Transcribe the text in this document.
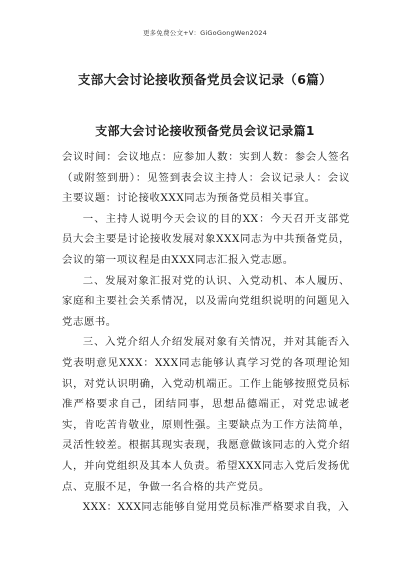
更多免费公文+V：GiGoGongWen2024
支部大会讨论接收预备党员会议记录（6篇）
支部大会讨论接收预备党员会议记录篇1

会议时间：会议地点：应参加人数：实到人数：参会人签名（或附签到册）：见签到表会议主持人：会议记录人：会议主要议题：讨论接收XXX同志为预备党员相关事宜。

一、主持人说明今天会议的目的XX：今天召开支部党员大会主要是讨论接收发展对象XXX同志为中共预备党员，会议的第一项议程是由XXX同志汇报入党志愿。

二、发展对象汇报对党的认识、入党动机、本人履历、家庭和主要社会关系情况，以及需向党组织说明的问题见入党志愿书。

三、入党介绍人介绍发展对象有关情况，并对其能否入党表明意见XXX：XXX同志能够认真学习党的各项理论知识，对党认识明确，入党动机端正。工作上能够按照党员标准严格要求自己，团结同事，思想品德端正，对党忠诚老实，肯吃苦肯敬业，原则性强。主要缺点为工作方法简单，灵活性较差。根据其现实表现，我愿意做该同志的入党介绍人，并向党组织及其本人负责。希望XXX同志入党后发扬优点、克服不足，争做一名合格的共产党员。

XXX：XXX同志能够自觉用党员标准严格要求自我，入
